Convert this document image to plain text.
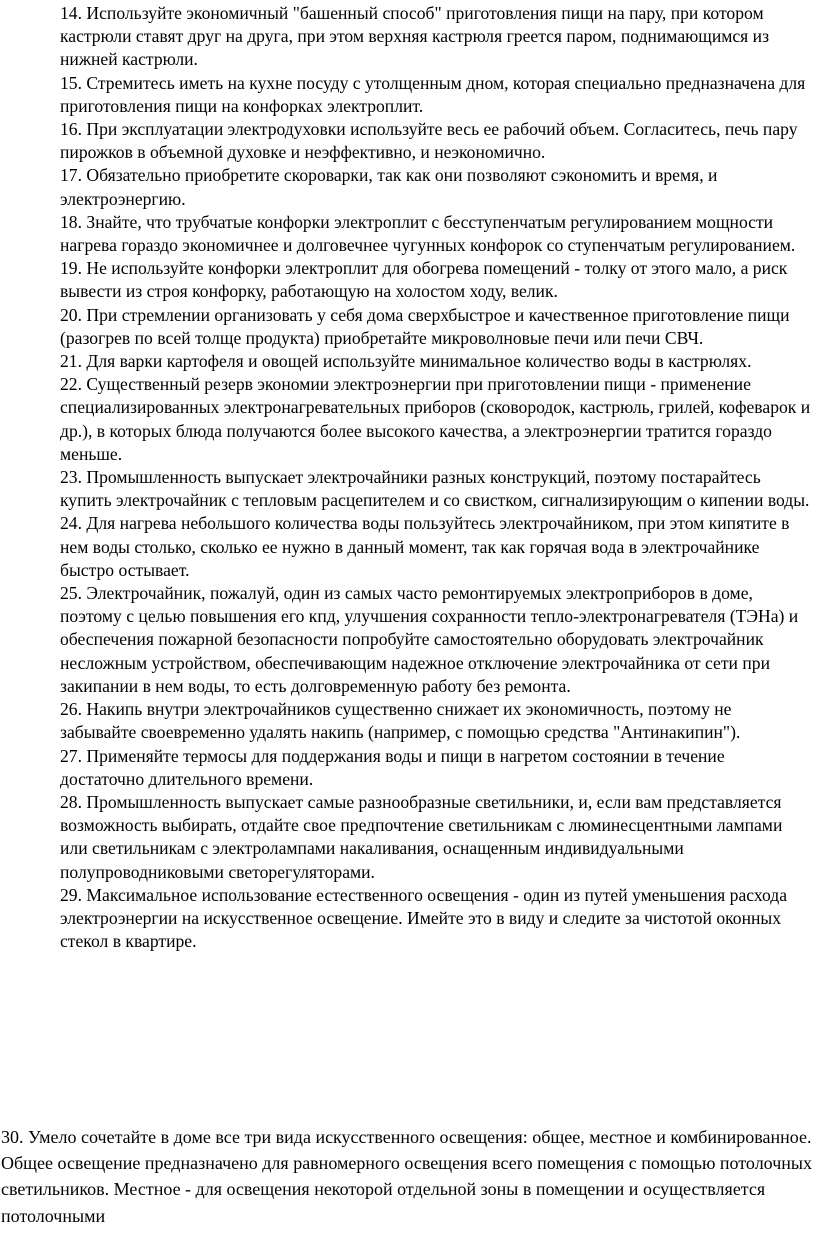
14. Используйте экономичный "башенный способ" приготовления пищи на пару, при котором кастрюли ставят друг на друга, при этом верхняя кастрюля греется паром, поднимающимся из нижней кастрюли.

15. Стремитесь иметь на кухне посуду с утолщенным дном, которая специально предназначена для приготовления пищи на конфорках электроплит.

16. При эксплуатации электродуховки используйте весь ее рабочий объем. Согласитесь, печь пару пирожков в объемной духовке и неэффективно, и неэкономично.

17. Обязательно приобретите скороварки, так как они позволяют сэкономить и время, и электроэнергию.

18. Знайте, что трубчатые конфорки электроплит с бесступенчатым регулированием мощности нагрева гораздо экономичнее и долговечнее чугунных конфорок со ступенчатым регулированием.

19. Не используйте конфорки электроплит для обогрева помещений - толку от этого мало, а риск вывести из строя конфорку, работающую на холостом ходу, велик.

20. При стремлении организовать у себя дома сверхбыстрое и качественное приготовление пищи (разогрев по всей толще продукта) приобретайте микроволновые печи или печи СВЧ.

21. Для варки картофеля и овощей используйте минимальное количество воды в кастрюлях.

22. Существенный резерв экономии электроэнергии при приготовлении пищи - применение специализированных электронагревательных приборов (сковородок, кастрюль, грилей, кофеварок и др.), в которых блюда получаются более высокого качества, а электроэнергии тратится гораздо меньше.

23. Промышленность выпускает электрочайники разных конструкций, поэтому постарайтесь купить электрочайник с тепловым расцепителем и со свистком, сигнализирующим о кипении воды.

24. Для нагрева небольшого количества воды пользуйтесь электрочайником, при этом кипятите в нем воды столько, сколько ее нужно в данный момент, так как горячая вода в электрочайнике быстро остывает.

25. Электрочайник, пожалуй, один из самых часто ремонтируемых электроприборов в доме, поэтому с целью повышения его кпд, улучшения сохранности тепло-электронагревателя (ТЭНа) и обеспечения пожарной безопасности попробуйте самостоятельно оборудовать электрочайник несложным устройством, обеспечивающим надежное отключение электрочайника от сети при закипании в нем воды, то есть долговременную работу без ремонта.

26. Накипь внутри электрочайников существенно снижает их экономичность, поэтому не забывайте своевременно удалять накипь (например, с помощью средства "Антинакипин").

27. Применяйте термосы для поддержания воды и пищи в нагретом состоянии в течение достаточно длительного времени.

28. Промышленность выпускает самые разнообразные светильники, и, если вам представляется возможность выбирать, отдайте свое предпочтение светильникам с люминесцентными лампами или светильникам с электролампами накаливания, оснащенным индивидуальными полупроводниковыми светорегуляторами.

29. Максимальное использование естественного освещения - один из путей уменьшения расхода электроэнергии на искусственное освещение. Имейте это в виду и следите за чистотой оконных стекол в квартире.

30. Умело сочетайте в доме все три вида искусственного освещения: общее, местное и комбинированное. Общее освещение предназначено для равномерного освещения всего помещения с помощью потолочных светильников. Местное - для освещения некоторой отдельной зоны в помещении и осуществляется потолочными
